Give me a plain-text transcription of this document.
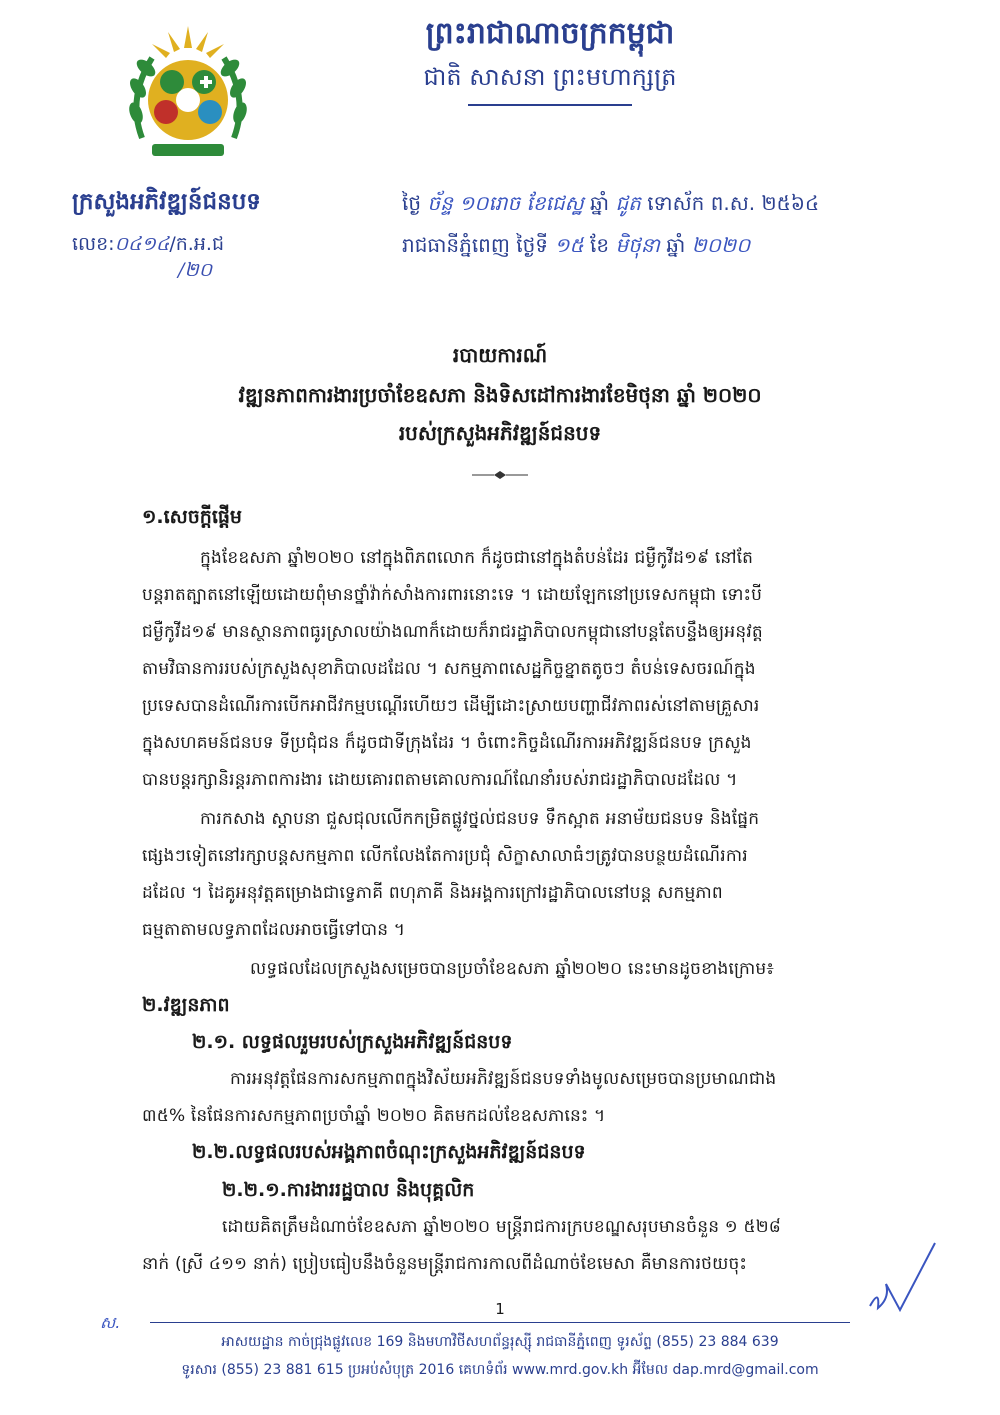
ព្រះរាជាណាចក្រកម្ពុជា
ជាតិ សាសនា ព្រះមហាក្សត្រ
ក្រសួងអភិវឌ្ឍន៍ជនបទ
លេខ:០៤១៤/ក.អ.ជ
/២០
ថ្ងៃ ច័ន្ទ ១០រោច ខែជេស្ឋ ឆ្នាំ ជូត ទោស័ក ព.ស. ២៥៦៤
រាជធានីភ្នំពេញ ថ្ងៃទី ១៥ ខែ មិថុនា ឆ្នាំ ២០២០
របាយការណ៍
វឌ្ឍនភាពការងារប្រចាំខែឧសភា និងទិសដៅការងារខែមិថុនា ឆ្នាំ ២០២០
របស់ក្រសួងអភិវឌ្ឍន៍ជនបទ
១.សេចក្ដីផ្ដើម
ក្នុងខែឧសភា ឆ្នាំ២០២០ នៅក្នុងពិភពលោក ក៏ដូចជានៅក្នុងតំបន់ដែរ ជម្ងឺកូវីដ១៩ នៅតែ
បន្តរាតត្បាតនៅឡើយដោយពុំមានថ្នាំវ៉ាក់សាំងការពារនោះទេ ។ ដោយឡែកនៅប្រទេសកម្ពុជា ទោះបី
ជម្ងឺកូវីដ១៩ មានស្ថានភាពធូរស្រាលយ៉ាងណាក៏ដោយក៏រាជរដ្ឋាភិបាលកម្ពុជានៅបន្តតែបន្ទឹងឲ្យអនុវត្ត
តាមវិធានការរបស់ក្រសួងសុខាភិបាលដដែល ។ សកម្មភាពសេដ្ឋកិច្ចខ្នាតតូចៗ តំបន់ទេសចរណ៍ក្នុង
ប្រទេសបានដំណើរការបើកអាជីវកម្មបណ្ដើរហើយៗ ដើម្បីដោះស្រាយបញ្ហាជីវភាពរស់នៅតាមគ្រួសារ
ក្នុងសហគមន៍ជនបទ ទីប្រជុំជន ក៏ដូចជាទីក្រុងដែរ ។ ចំពោះកិច្ចដំណើរការអភិវឌ្ឍន៍ជនបទ ក្រសួង
បានបន្តរក្សានិរន្តរភាពការងារ ដោយគោរពតាមគោលការណ៍ណែនាំរបស់រាជរដ្ឋាភិបាលដដែល ។
ការកសាង ស្ដាបនា ជួសជុលលើកកម្រិតផ្លូវថ្នល់ជនបទ ទឹកស្អាត អនាម័យជនបទ និងផ្នែក
ផ្សេងៗទៀតនៅរក្សាបន្តសកម្មភាព លើកលែងតែការប្រជុំ សិក្ខាសាលាធំៗត្រូវបានបន្ថយដំណើរការ
ដដែល ។ ដៃគូអនុវត្តគម្រោងជាទ្វេភាគី ពហុភាគី និងអង្គការក្រៅរដ្ឋាភិបាលនៅបន្ត សកម្មភាព
ធម្មតាតាមលទ្ធភាពដែលអាចធ្វើទៅបាន ។
លទ្ធផលដែលក្រសួងសម្រេចបានប្រចាំខែឧសភា ឆ្នាំ២០២០ នេះមានដូចខាងក្រោម៖
២.វឌ្ឍនភាព
២.១. លទ្ធផលរួមរបស់ក្រសួងអភិវឌ្ឍន៍ជនបទ
ការអនុវត្តផែនការសកម្មភាពក្នុងវិស័យអភិវឌ្ឍន៍ជនបទទាំងមូលសម្រេចបានប្រមាណជាង
៣៥% នៃផែនការសកម្មភាពប្រចាំឆ្នាំ ២០២០ គិតមកដល់ខែឧសភានេះ ។
២.២.លទ្ធផលរបស់អង្គភាពចំណុះក្រសួងអភិវឌ្ឍន៍ជនបទ
២.២.១.ការងាររដ្ឋបាល និងបុគ្គលិក
ដោយគិតត្រឹមដំណាច់ខែឧសភា ឆ្នាំ២០២០ មន្ត្រីរាជការក្របខណ្ឌសរុបមានចំនួន ១ ៥២៨
នាក់ (ស្រី ៤១១ នាក់) ប្រៀបធៀបនឹងចំនួនមន្ត្រីរាជការកាលពីដំណាច់ខែមេសា គឺមានការថយចុះ
ស.
1
អាសយដ្ឋាន កាច់ជ្រុងផ្លូវលេខ 169 និងមហាវិថីសហព័ន្ធរុស្ស៊ី រាជធានីភ្នំពេញ ទូរស័ព្ទ (855) 23 884 639
ទូរសារ (855) 23 881 615 ប្រអប់សំបុត្រ 2016 គេហទំព័រ www.mrd.gov.kh អ៊ីមែល dap.mrd@gmail.com
